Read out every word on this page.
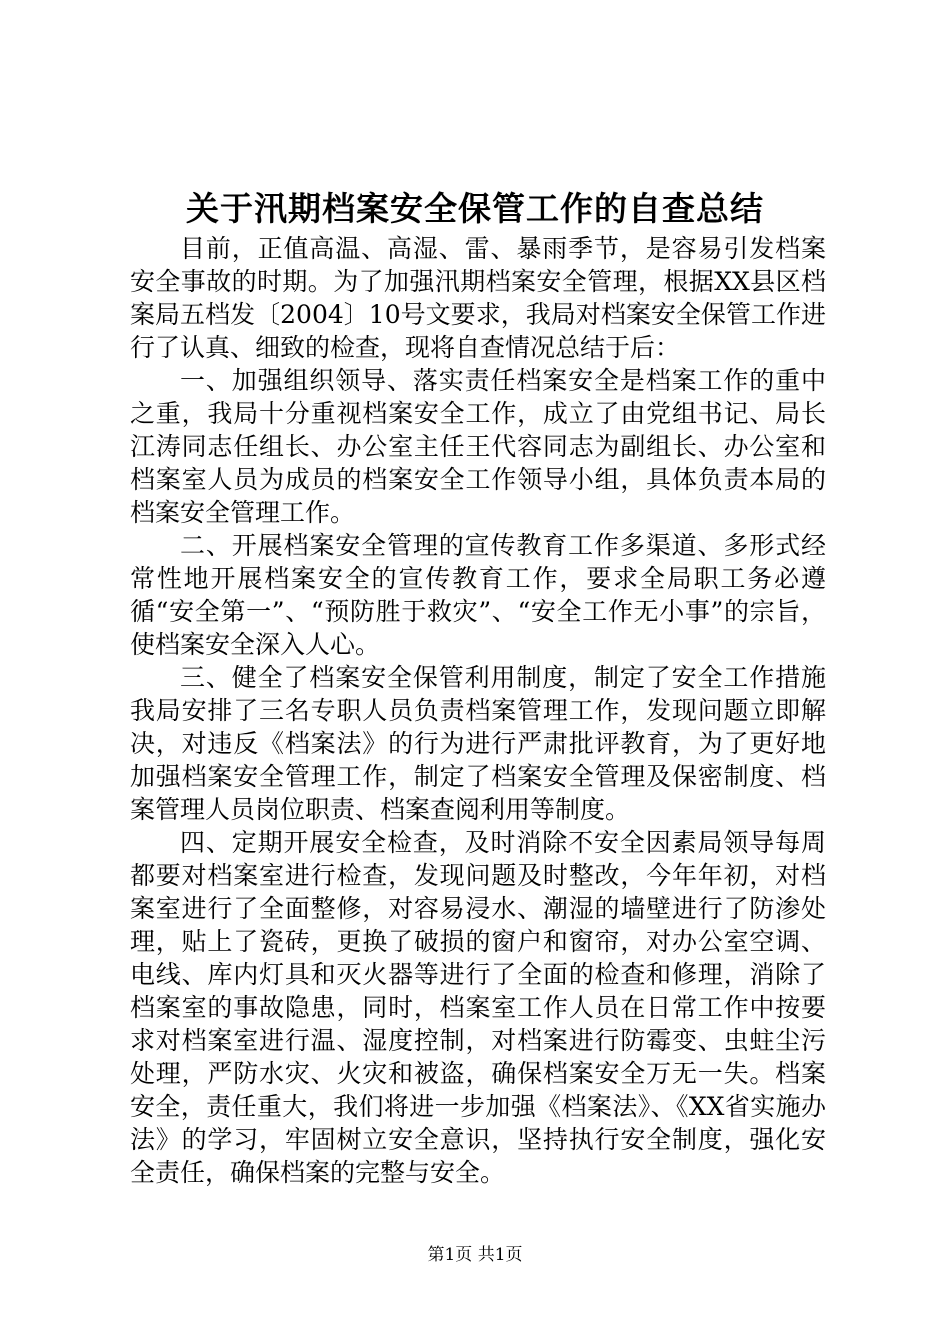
关于汛期档案安全保管工作的自查总结

目前，正值高温、高湿、雷、暴雨季节，是容易引发档案安全事故的时期。为了加强汛期档案安全管理，根据XX县区档案局五档发〔2004〕10号文要求，我局对档案安全保管工作进行了认真、细致的检查，现将自查情况总结于后：

一、加强组织领导、落实责任档案安全是档案工作的重中之重，我局十分重视档案安全工作，成立了由党组书记、局长江涛同志任组长、办公室主任王代容同志为副组长、办公室和档案室人员为成员的档案安全工作领导小组，具体负责本局的档案安全管理工作。

二、开展档案安全管理的宣传教育工作多渠道、多形式经常性地开展档案安全的宣传教育工作，要求全局职工务必遵循“安全第一”、“预防胜于救灾”、“安全工作无小事”的宗旨，使档案安全深入人心。

三、健全了档案安全保管利用制度，制定了安全工作措施我局安排了三名专职人员负责档案管理工作，发现问题立即解决，对违反《档案法》的行为进行严肃批评教育，为了更好地加强档案安全管理工作，制定了档案安全管理及保密制度、档案管理人员岗位职责、档案查阅利用等制度。

四、定期开展安全检查，及时消除不安全因素局领导每周都要对档案室进行检查，发现问题及时整改，今年年初，对档案室进行了全面整修，对容易浸水、潮湿的墙壁进行了防渗处理，贴上了瓷砖，更换了破损的窗户和窗帘，对办公室空调、电线、库内灯具和灭火器等进行了全面的检查和修理，消除了档案室的事故隐患，同时，档案室工作人员在日常工作中按要求对档案室进行温、湿度控制，对档案进行防霉变、虫蛀尘污处理，严防水灾、火灾和被盗，确保档案安全万无一失。档案安全，责任重大，我们将进一步加强《档案法》、《XX省实施办法》的学习，牢固树立安全意识，坚持执行安全制度，强化安全责任，确保档案的完整与安全。

第1页 共1页
